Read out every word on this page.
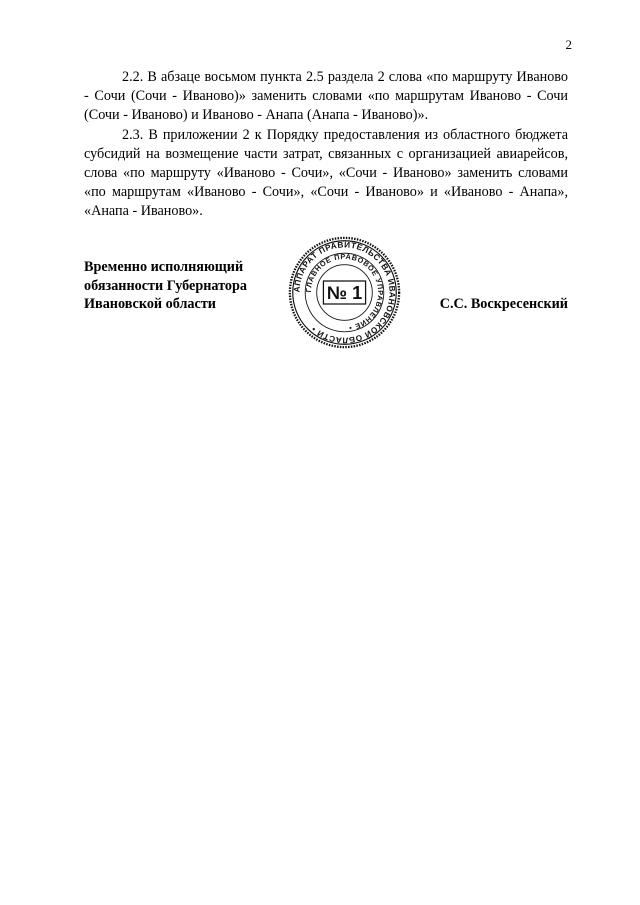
2

2.2. В абзаце восьмом пункта 2.5 раздела 2 слова «по маршруту Иваново - Сочи (Сочи - Иваново)» заменить словами «по маршрутам Иваново - Сочи (Сочи - Иваново) и Иваново - Анапа (Анапа - Иваново)».

2.3. В приложении 2 к Порядку предоставления из областного бюджета субсидий на возмещение части затрат, связанных с организацией авиарейсов, слова «по маршруту «Иваново - Сочи», «Сочи - Иваново» заменить словами «по маршрутам «Иваново - Сочи», «Сочи - Иваново» и «Иваново - Анапа», «Анапа - Иваново».

Временно исполняющий
обязанности Губернатора
Ивановской области
АППАРАТ ПРАВИТЕЛЬСТВА ИВАНОВСКОЙ ОБЛАСТИ •
ГЛАВНОЕ ПРАВОВОЕ УПРАВЛЕНИЕ •
№ 1
С.С. Воскресенский
